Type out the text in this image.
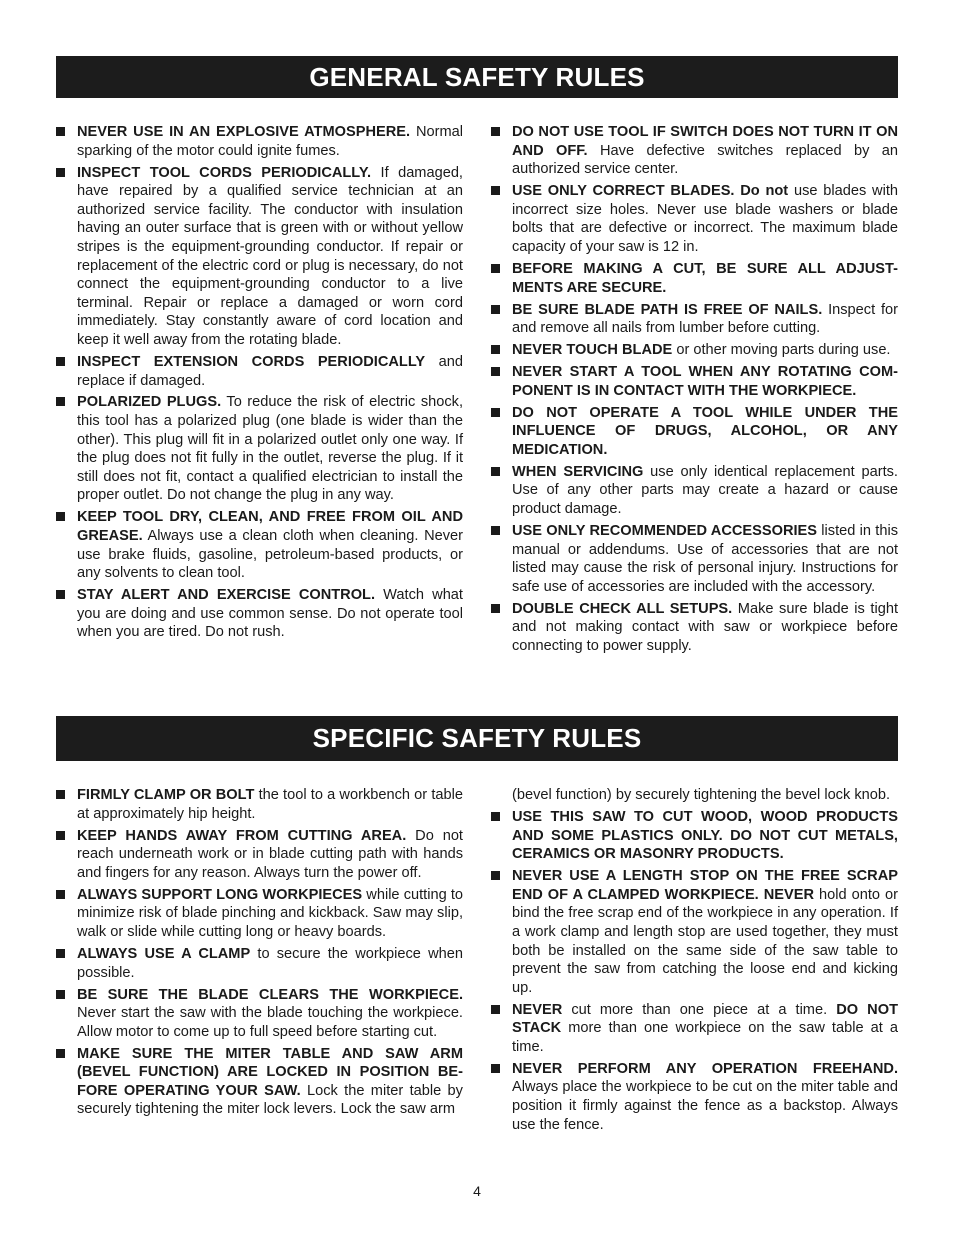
GENERAL SAFETY RULES
NEVER USE IN AN EXPLOSIVE ATMOSPHERE. Normal sparking of the motor could ignite fumes.
INSPECT TOOL CORDS PERIODICALLY. If damaged, have repaired by a qualified service technician at an authorized service facility. The conductor with insulation having an outer surface that is green with or without yellow stripes is the equipment-grounding conductor. If repair or replacement of the electric cord or plug is necessary, do not connect the equipment-grounding conductor to a live terminal. Repair or replace a damaged or worn cord immediately. Stay constantly aware of cord location and keep it well away from the rotating blade.
INSPECT EXTENSION CORDS PERIODICALLY and replace if damaged.
POLARIZED PLUGS. To reduce the risk of electric shock, this tool has a polarized plug (one blade is wider than the other). This plug will fit in a polarized outlet only one way. If the plug does not fit fully in the outlet, reverse the plug. If it still does not fit, contact a qualified electrician to install the proper outlet. Do not change the plug in any way.
KEEP TOOL DRY, CLEAN, AND FREE FROM OIL AND GREASE. Always use a clean cloth when cleaning. Never use brake fluids, gasoline, petroleum-based products, or any solvents to clean tool.
STAY ALERT AND EXERCISE CONTROL. Watch what you are doing and use common sense. Do not operate tool when you are tired. Do not rush.
DO NOT USE TOOL IF SWITCH DOES NOT TURN IT ON AND OFF. Have defective switches replaced by an authorized service center.
USE ONLY CORRECT BLADES. Do not use blades with incorrect size holes. Never use blade washers or blade bolts that are defective or incorrect. The maximum blade capacity of your saw is 12 in.
BEFORE MAKING A CUT, BE SURE ALL ADJUST-MENTS ARE SECURE.
BE SURE BLADE PATH IS FREE OF NAILS. Inspect for and remove all nails from lumber before cutting.
NEVER TOUCH BLADE or other moving parts during use.
NEVER START A TOOL WHEN ANY ROTATING COM-PONENT IS IN CONTACT WITH THE WORKPIECE.
DO NOT OPERATE A TOOL WHILE UNDER THE INFLUENCE OF DRUGS, ALCOHOL, OR ANY MEDICATION.
WHEN SERVICING use only identical replacement parts. Use of any other parts may create a hazard or cause product damage.
USE ONLY RECOMMENDED ACCESSORIES listed in this manual or addendums. Use of accessories that are not listed may cause the risk of personal injury. Instructions for safe use of accessories are included with the accessory.
DOUBLE CHECK ALL SETUPS. Make sure blade is tight and not making contact with saw or workpiece before connecting to power supply.
SPECIFIC SAFETY RULES
FIRMLY CLAMP OR BOLT the tool to a workbench or table at approximately hip height.
KEEP HANDS AWAY FROM CUTTING AREA. Do not reach underneath work or in blade cutting path with hands and fingers for any reason. Always turn the power off.
ALWAYS SUPPORT LONG WORKPIECES while cutting to minimize risk of blade pinching and kickback. Saw may slip, walk or slide while cutting long or heavy boards.
ALWAYS USE A CLAMP to secure the workpiece when possible.
BE SURE THE BLADE CLEARS THE WORKPIECE. Never start the saw with the blade touching the workpiece. Allow motor to come up to full speed before starting cut.
MAKE SURE THE MITER TABLE AND SAW ARM (BEVEL FUNCTION) ARE LOCKED IN POSITION BE-FORE OPERATING YOUR SAW. Lock the miter table by securely tightening the miter lock levers. Lock the saw arm
(bevel function) by securely tightening the bevel lock knob.
USE THIS SAW TO CUT WOOD, WOOD PRODUCTS AND SOME PLASTICS ONLY. DO NOT CUT METALS, CERAMICS OR MASONRY PRODUCTS.
NEVER USE A LENGTH STOP ON THE FREE SCRAP END OF A CLAMPED WORKPIECE. NEVER hold onto or bind the free scrap end of the workpiece in any operation. If a work clamp and length stop are used together, they must both be installed on the same side of the saw table to prevent the saw from catching the loose end and kicking up.
NEVER cut more than one piece at a time. DO NOT STACK more than one workpiece on the saw table at a time.
NEVER PERFORM ANY OPERATION FREEHAND. Always place the workpiece to be cut on the miter table and position it firmly against the fence as a backstop. Always use the fence.
4
